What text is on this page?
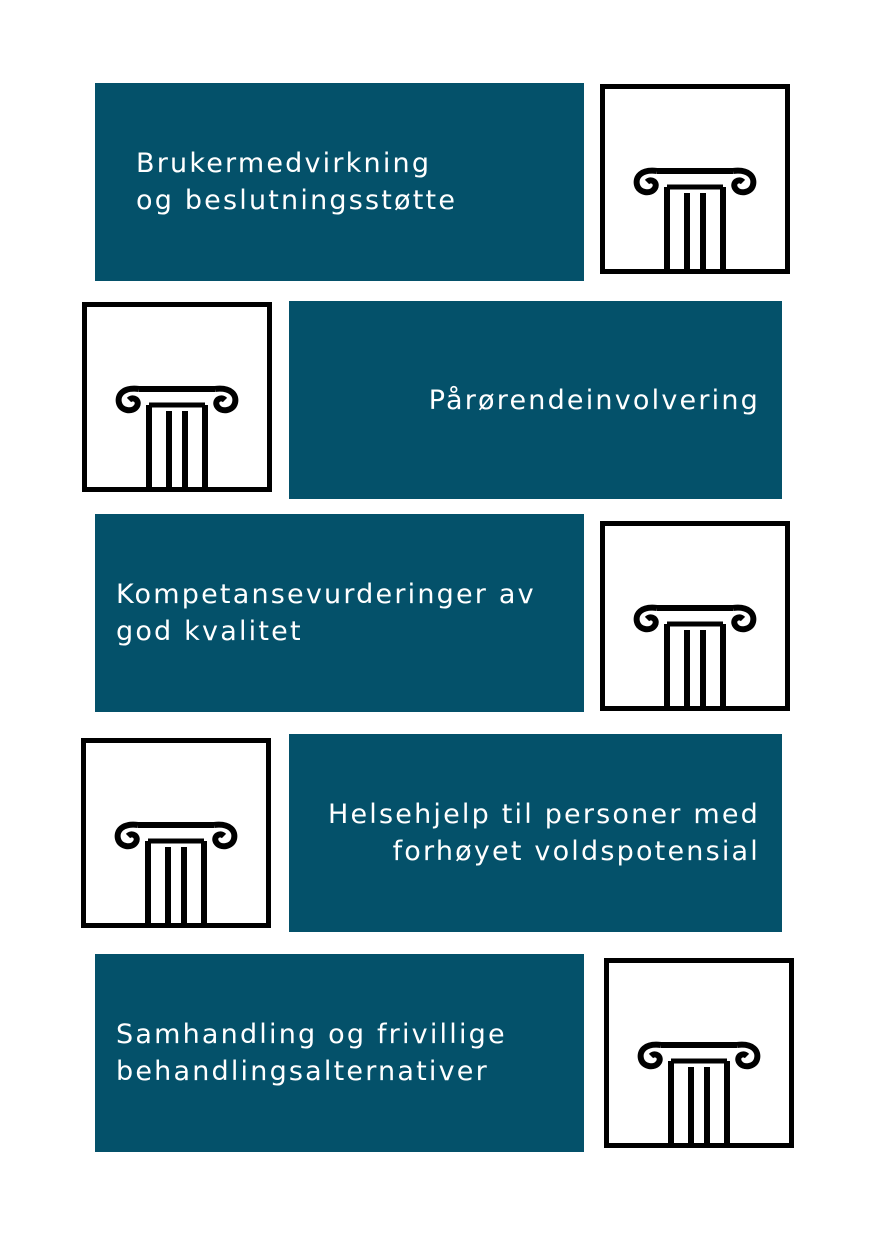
Brukermedvirkning
og beslutningsstøtte
Pårørendeinvolvering
Kompetansevurderinger av
god kvalitet
Helsehjelp til personer med
forhøyet voldspotensial
Samhandling og frivillige
behandlingsalternativer
